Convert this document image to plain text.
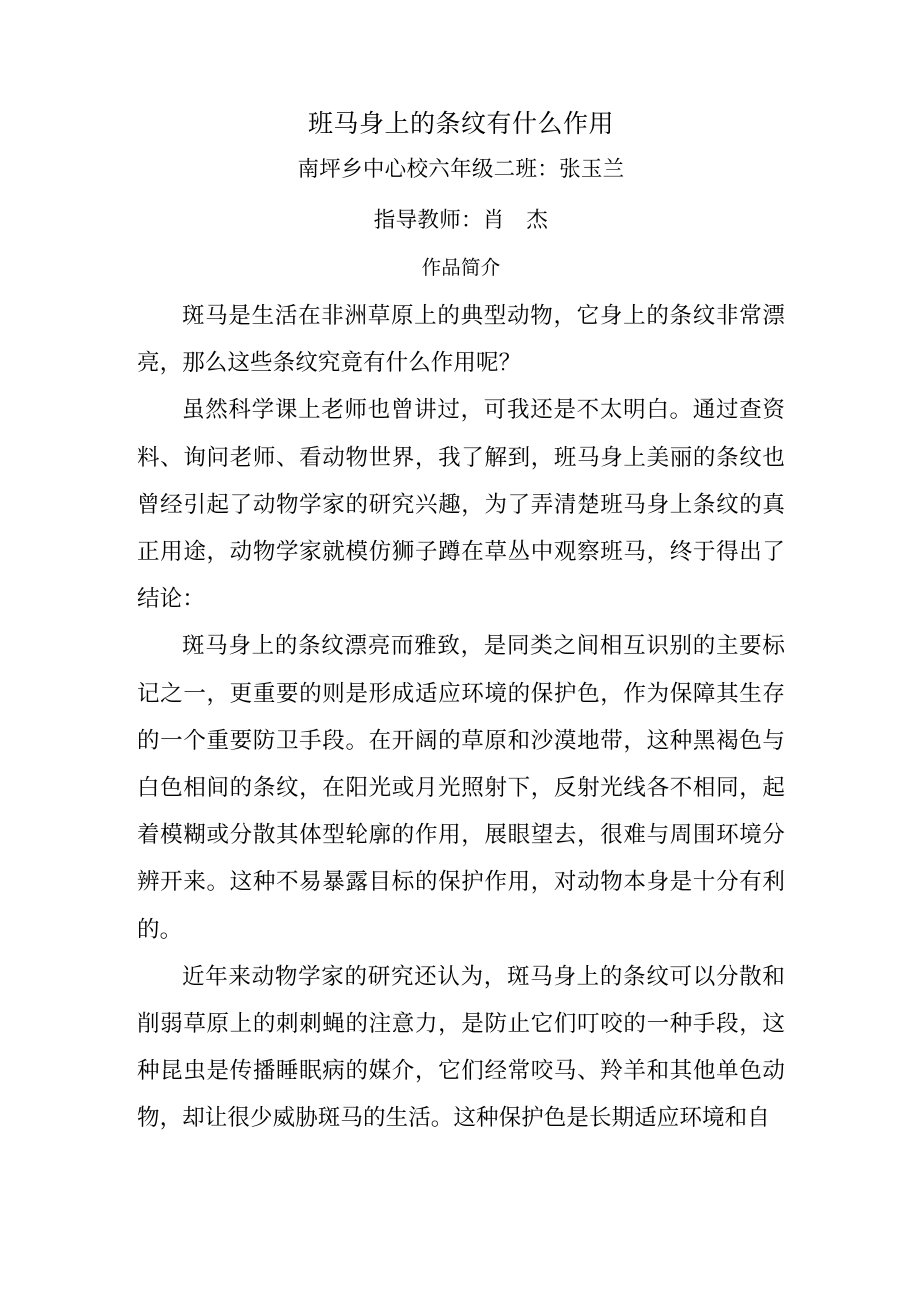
班马身上的条纹有什么作用
南坪乡中心校六年级二班：张玉兰
指导教师：肖　杰
作品简介

斑马是生活在非洲草原上的典型动物，它身上的条纹非常漂亮，那么这些条纹究竟有什么作用呢？

虽然科学课上老师也曾讲过，可我还是不太明白。通过查资料、询问老师、看动物世界，我了解到，班马身上美丽的条纹也曾经引起了动物学家的研究兴趣，为了弄清楚班马身上条纹的真正用途，动物学家就模仿狮子蹲在草丛中观察班马，终于得出了结论：

斑马身上的条纹漂亮而雅致，是同类之间相互识别的主要标记之一，更重要的则是形成适应环境的保护色，作为保障其生存的一个重要防卫手段。在开阔的草原和沙漠地带，这种黑褐色与白色相间的条纹，在阳光或月光照射下，反射光线各不相同，起着模糊或分散其体型轮廓的作用，展眼望去，很难与周围环境分辨开来。这种不易暴露目标的保护作用，对动物本身是十分有利的。

近年来动物学家的研究还认为，斑马身上的条纹可以分散和削弱草原上的刺刺蝇的注意力，是防止它们叮咬的一种手段，这种昆虫是传播睡眠病的媒介，它们经常咬马、羚羊和其他单色动物，却让很少威胁斑马的生活。这种保护色是长期适应环境和自
